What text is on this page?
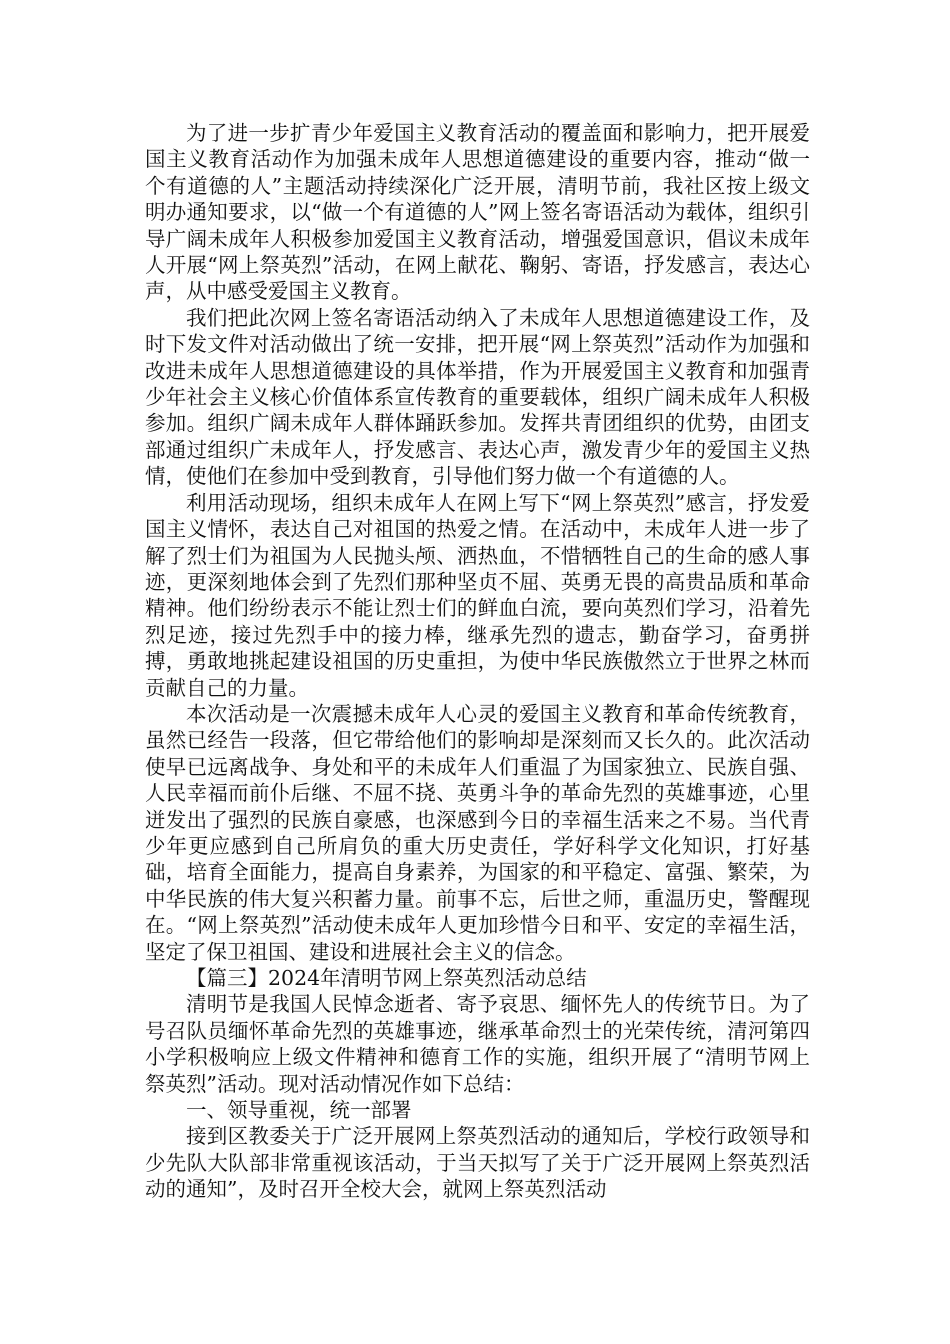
为了进一步扩青少年爱国主义教育活动的覆盖面和影响力，把开展爱国主义教育活动作为加强未成年人思想道德建设的重要内容，推动“做一个有道德的人”主题活动持续深化广泛开展，清明节前，我社区按上级文明办通知要求，以“做一个有道德的人”网上签名寄语活动为载体，组织引导广阔未成年人积极参加爱国主义教育活动，增强爱国意识，倡议未成年人开展“网上祭英烈”活动，在网上献花、鞠躬、寄语，抒发感言，表达心声，从中感受爱国主义教育。

我们把此次网上签名寄语活动纳入了未成年人思想道德建设工作，及时下发文件对活动做出了统一安排，把开展“网上祭英烈”活动作为加强和改进未成年人思想道德建设的具体举措，作为开展爱国主义教育和加强青少年社会主义核心价值体系宣传教育的重要载体，组织广阔未成年人积极参加。组织广阔未成年人群体踊跃参加。发挥共青团组织的优势，由团支部通过组织广未成年人，抒发感言、表达心声，激发青少年的爱国主义热情，使他们在参加中受到教育，引导他们努力做一个有道德的人。

利用活动现场，组织未成年人在网上写下“网上祭英烈”感言，抒发爱国主义情怀，表达自己对祖国的热爱之情。在活动中，未成年人进一步了解了烈士们为祖国为人民抛头颅、洒热血，不惜牺牲自己的生命的感人事迹，更深刻地体会到了先烈们那种坚贞不屈、英勇无畏的高贵品质和革命精神。他们纷纷表示不能让烈士们的鲜血白流，要向英烈们学习，沿着先烈足迹，接过先烈手中的接力棒，继承先烈的遗志，勤奋学习，奋勇拼搏，勇敢地挑起建设祖国的历史重担，为使中华民族傲然立于世界之林而贡献自己的力量。

本次活动是一次震撼未成年人心灵的爱国主义教育和革命传统教育，虽然已经告一段落，但它带给他们的影响却是深刻而又长久的。此次活动使早已远离战争、身处和平的未成年人们重温了为国家独立、民族自强、人民幸福而前仆后继、不屈不挠、英勇斗争的革命先烈的英雄事迹，心里迸发出了强烈的民族自豪感，也深感到今日的幸福生活来之不易。当代青少年更应感到自己所肩负的重大历史责任，学好科学文化知识，打好基础，培育全面能力，提高自身素养，为国家的和平稳定、富强、繁荣，为中华民族的伟大复兴积蓄力量。前事不忘，后世之师，重温历史，警醒现在。“网上祭英烈”活动使未成年人更加珍惜今日和平、安定的幸福生活，坚定了保卫祖国、建设和进展社会主义的信念。

【篇三】2024年清明节网上祭英烈活动总结

清明节是我国人民悼念逝者、寄予哀思、缅怀先人的传统节日。为了号召队员缅怀革命先烈的英雄事迹，继承革命烈士的光荣传统，清河第四小学积极响应上级文件精神和德育工作的实施，组织开展了“清明节网上祭英烈”活动。现对活动情况作如下总结：

一、领导重视，统一部署

接到区教委关于广泛开展网上祭英烈活动的通知后，学校行政领导和少先队大队部非常重视该活动，于当天拟写了关于广泛开展网上祭英烈活动的通知”，及时召开全校大会，就网上祭英烈活动
